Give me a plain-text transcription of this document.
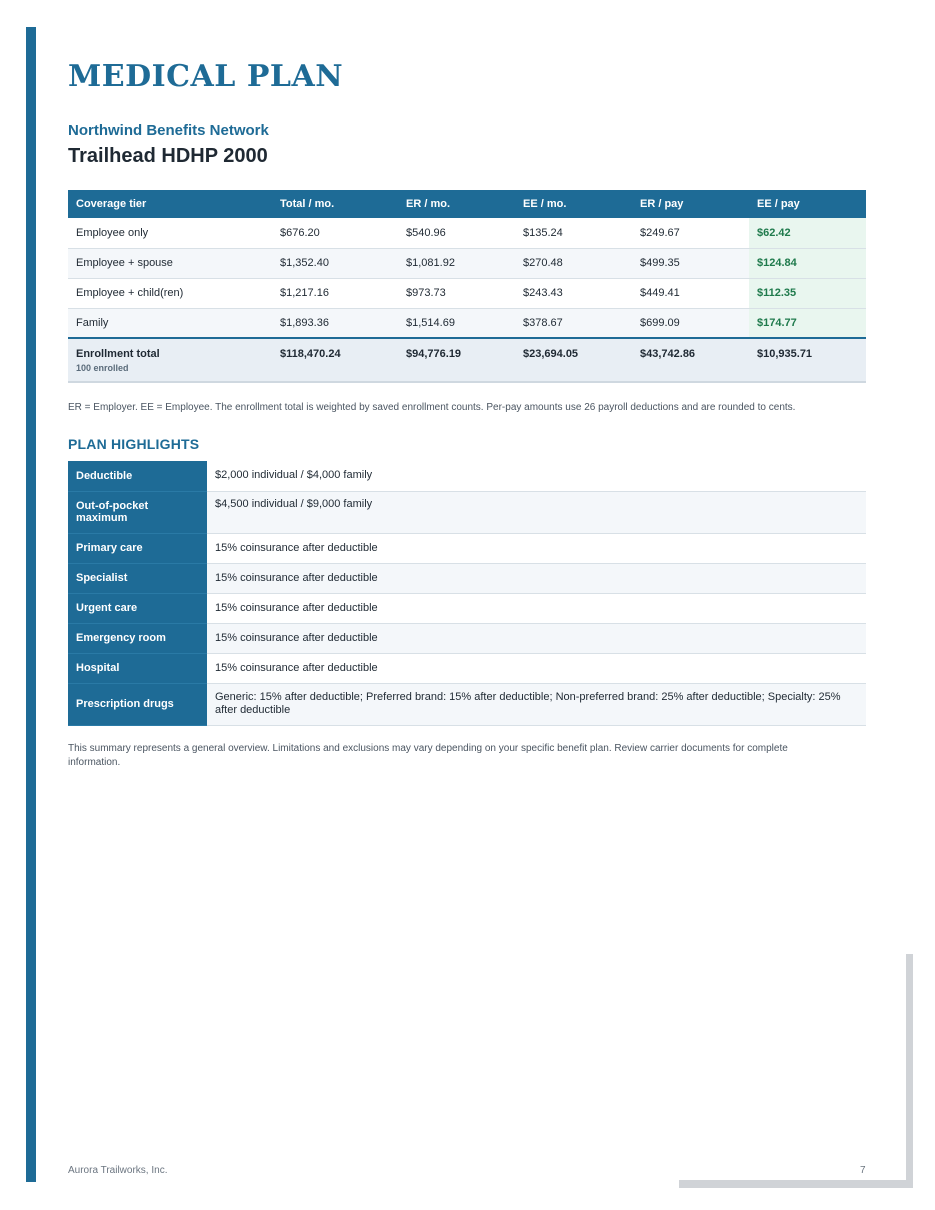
MEDICAL PLAN
Northwind Benefits Network
Trailhead HDHP 2000
Coverage tier	Total / mo.	ER / mo.	EE / mo.	ER / pay	EE / pay
Employee only	$676.20	$540.96	$135.24	$249.67	$62.42
Employee + spouse	$1,352.40	$1,081.92	$270.48	$499.35	$124.84
Employee + child(ren)	$1,217.16	$973.73	$243.43	$449.41	$112.35
Family	$1,893.36	$1,514.69	$378.67	$699.09	$174.77
Enrollment total
100 enrolled	$118,470.24	$94,776.19	$23,694.05	$43,742.86	$10,935.71

ER = Employer. EE = Employee. The enrollment total is weighted by saved enrollment counts. Per-pay amounts use 26 payroll deductions and are rounded to cents.

PLAN HIGHLIGHTS
Deductible	$2,000 individual / $4,000 family
Out-of-pocket maximum	$4,500 individual / $9,000 family
Primary care	15% coinsurance after deductible
Specialist	15% coinsurance after deductible
Urgent care	15% coinsurance after deductible
Emergency room	15% coinsurance after deductible
Hospital	15% coinsurance after deductible
Prescription drugs	Generic: 15% after deductible; Preferred brand: 15% after deductible; Non-preferred brand: 25% after deductible; Specialty: 25% after deductible

This summary represents a general overview. Limitations and exclusions may vary depending on your specific benefit plan. Review carrier documents for complete information.

Aurora Trailworks, Inc.	7
